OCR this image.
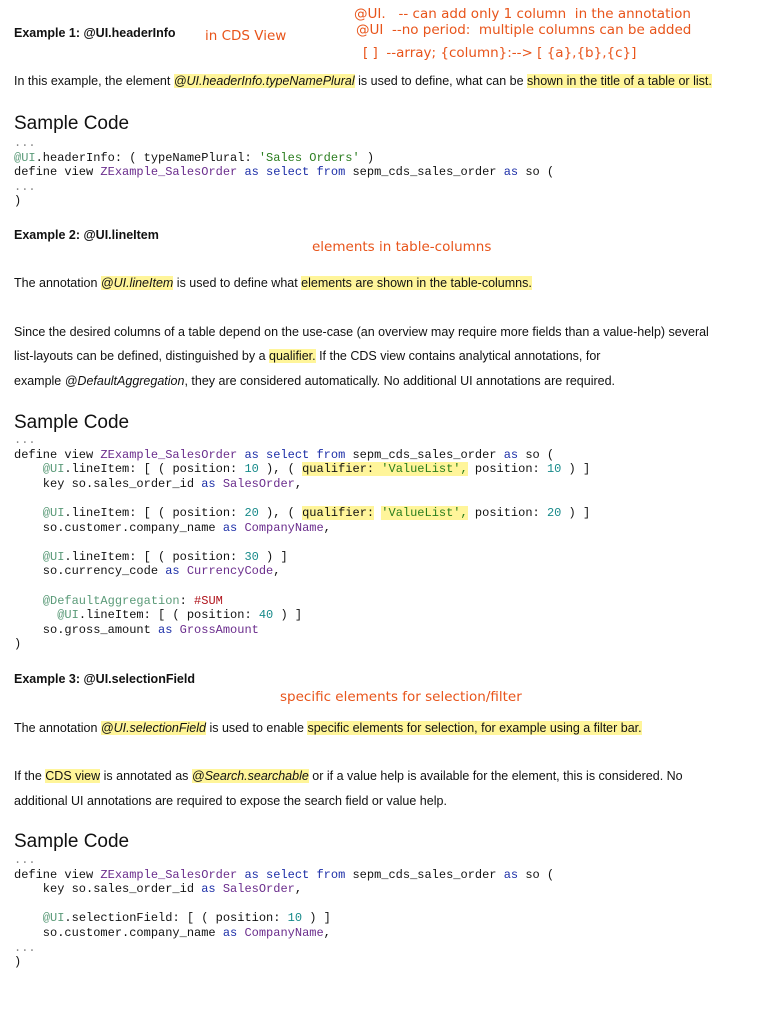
@UI.   -- can add only 1 column  in the annotation
@UI  --no period:  multiple columns can be added
[ ]  --array; {column}:--> [ {a},{b},{c}]
in CDS View
elements in table-columns
specific elements for selection/filter
Example 1: @UI.headerInfo
In this example, the element @UI.headerInfo.typeNamePlural is used to define, what can be shown in the title of a table or list.
Sample Code
...
@UI.headerInfo: ( typeNamePlural: 'Sales Orders' )
define view ZExample_SalesOrder as select from sepm_cds_sales_order as so (
...
)
Example 2: @UI.lineItem
The annotation @UI.lineItem is used to define what elements are shown in the table-columns.
Since the desired columns of a table depend on the use-case (an overview may require more fields than a value-help) several
list-layouts can be defined, distinguished by a qualifier. If the CDS view contains analytical annotations, for
example @DefaultAggregation, they are considered automatically. No additional UI annotations are required.
Sample Code
...
define view ZExample_SalesOrder as select from sepm_cds_sales_order as so (
@UI.lineItem: [ ( position: 10 ), ( qualifier: 'ValueList', position: 10 ) ]
key so.sales_order_id as SalesOrder,

@UI.lineItem: [ ( position: 20 ), ( qualifier: 'ValueList', position: 20 ) ]
so.customer.company_name as CompanyName,

@UI.lineItem: [ ( position: 30 ) ]
so.currency_code as CurrencyCode,

@DefaultAggregation: #SUM
@UI.lineItem: [ ( position: 40 ) ]
so.gross_amount as GrossAmount
)
Example 3: @UI.selectionField
The annotation @UI.selectionField is used to enable specific elements for selection, for example using a filter bar.
If the CDS view is annotated as @Search.searchable or if a value help is available for the element, this is considered. No
additional UI annotations are required to expose the search field or value help.
Sample Code
...
define view ZExample_SalesOrder as select from sepm_cds_sales_order as so (
key so.sales_order_id as SalesOrder,

@UI.selectionField: [ ( position: 10 ) ]
so.customer.company_name as CompanyName,
...
)
